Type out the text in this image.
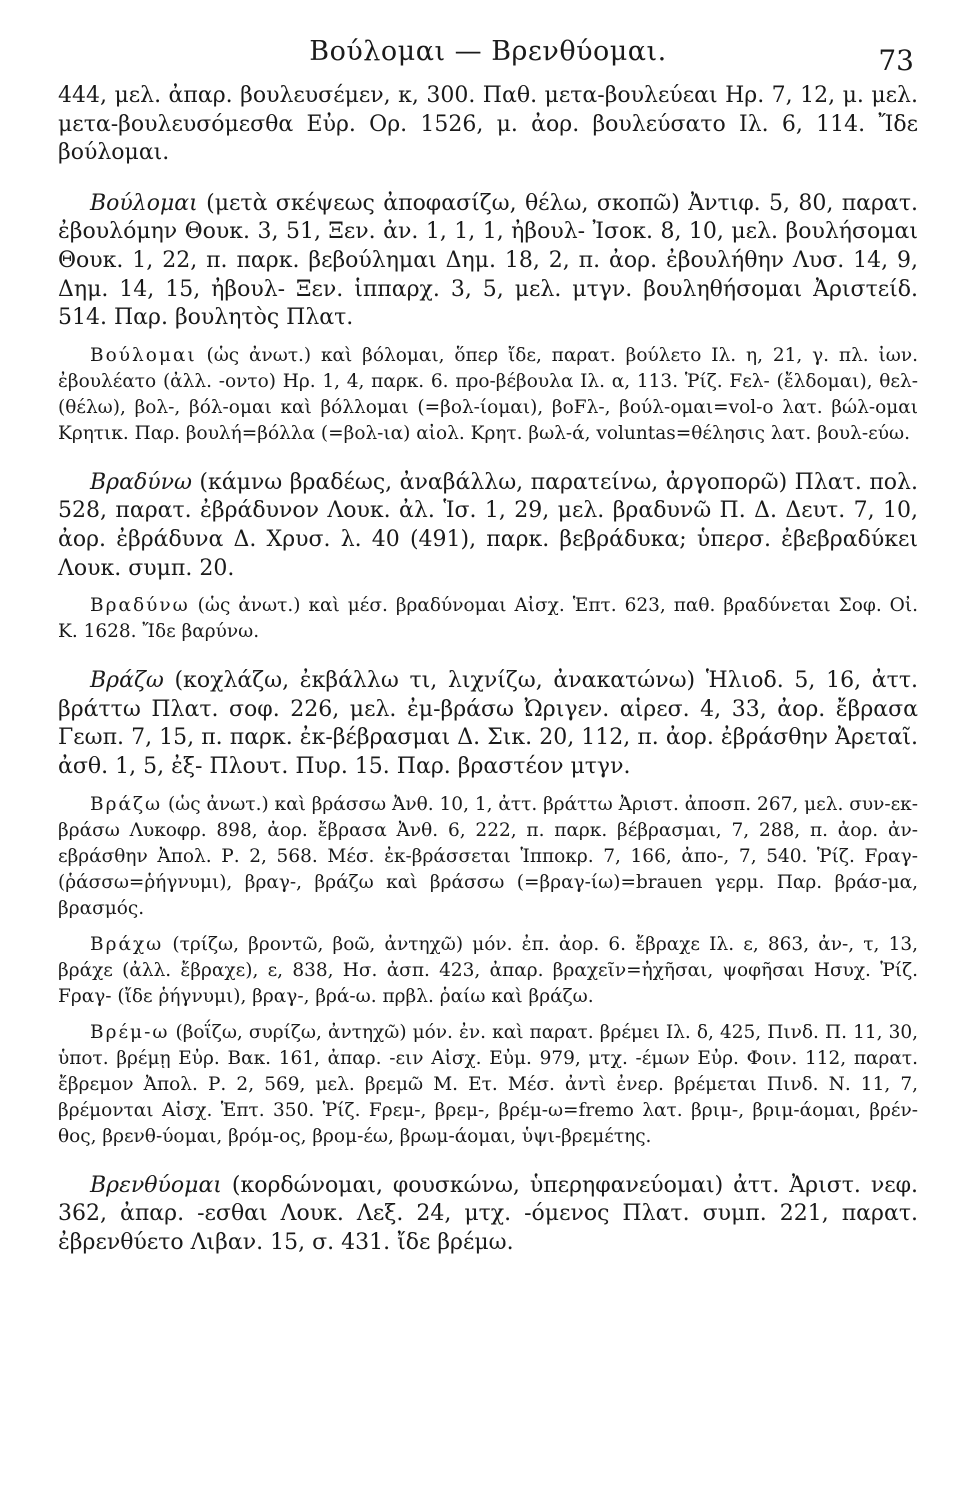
Βούλομαι — Βρενθύομαι.	73

444, μελ. ἀπαρ. βουλευσέμεν, κ, 300. Παθ. μετα-βουλεύεαι Ηρ. 7, 12, μ. μελ. μετα-βουλευσόμεσθα Εὐρ. Ορ. 1526, μ. ἀορ. βουλεύσατο Ιλ. 6, 114. Ἴδε βούλομαι.

Βούλομαι (μετὰ σκέψεως ἀποφασίζω, θέλω, σκοπῶ) Ἀντιφ. 5, 80, παρατ. ἐβουλόμην Θουκ. 3, 51, Ξεν. ἀν. 1, 1, 1, ἠβουλ- Ἰσοκ. 8, 10, μελ. βουλήσομαι Θουκ. 1, 22, π. παρκ. βεβούλημαι Δημ. 18, 2, π. ἀορ. ἐβουλήθην Λυσ. 14, 9, Δημ. 14, 15, ἠβουλ- Ξεν. ἱππαρχ. 3, 5, μελ. μτγν. βουληθήσομαι Ἀριστείδ. 514. Παρ. βουλητὸς Πλατ.

Βούλομαι (ὡς ἀνωτ.) καὶ βόλομαι, ὅπερ ἴδε, παρατ. βούλετο Ιλ. η, 21, γ. πλ. ἰων. ἐβουλέατο (ἀλλ. -οντο) Ηρ. 1, 4, παρκ. 6. προ-βέβουλα Ιλ. α, 113. Ῥίζ. Fελ- (ἔλδομαι), θελ- (θέλω), βολ-, βόλ-ομαι καὶ βόλλομαι (=βολ-ίομαι), βoFλ-, βούλ-ομαι=vol-o λατ. βώλ-ομαι Κρητικ. Παρ. βουλή=βόλλα (=βολ-ια) αἰολ. Κρητ. βωλ-ά, voluntas=θέλησις λατ. βουλ-εύω.

Βραδύνω (κάμνω βραδέως, ἀναβάλλω, παρατείνω, ἀργοπορῶ) Πλατ. πολ. 528, παρατ. ἐβράδυνον Λουκ. ἀλ. Ἱσ. 1, 29, μελ. βραδυνῶ Π. Δ. Δευτ. 7, 10, ἀορ. ἐβράδυνα Δ. Χρυσ. λ. 40 (491), παρκ. βεβράδυκα; ὑπερσ. ἐβεβραδύκει Λουκ. συμπ. 20.

Βραδύνω (ὡς ἀνωτ.) καὶ μέσ. βραδύνομαι Αἰσχ. Ἑπτ. 623, παθ. βραδύνεται Σοφ. Οἰ. Κ. 1628. Ἴδε βαρύνω.

Βράζω (κοχλάζω, ἐκβάλλω τι, λιχνίζω, ἀνακατώνω) Ἡλιοδ. 5, 16, ἀττ. βράττω Πλατ. σοφ. 226, μελ. ἐμ-βράσω Ὠριγεν. αἱρεσ. 4, 33, ἀορ. ἔβρασα Γεωπ. 7, 15, π. παρκ. ἐκ-βέβρασμαι Δ. Σικ. 20, 112, π. ἀορ. ἐβράσθην Ἀρεταῖ. ἀσθ. 1, 5, ἐξ- Πλουτ. Πυρ. 15. Παρ. βραστέον μτγν.

Βράζω (ὡς ἀνωτ.) καὶ βράσσω Ἀνθ. 10, 1, ἀττ. βράττω Ἀριστ. ἀποσπ. 267, μελ. συν-εκ-βράσω Λυκοφρ. 898, ἀορ. ἔβρασα Ἀνθ. 6, 222, π. παρκ. βέβρασμαι, 7, 288, π. ἀορ. ἀν-εβράσθην Ἀπολ. Ρ. 2, 568. Μέσ. ἐκ-βράσσεται Ἱπποκρ. 7, 166, ἀπο-, 7, 540. Ῥίζ. Fραγ- (ῥάσσω=ῥήγνυμι), βραγ-, βράζω καὶ βράσσω (=βραγ-ίω)=brauen γερμ. Παρ. βράσ-μα, βρασμός.

Βράχω (τρίζω, βροντῶ, βοῶ, ἀντηχῶ) μόν. ἐπ. ἀορ. 6. ἔβραχε Ιλ. ε, 863, ἀν-, τ, 13, βράχε (ἀλλ. ἔβραχε), ε, 838, Ησ. ἀσπ. 423, ἀπαρ. βραχεῖν=ἠχῆσαι, ψοφῆσαι Ησυχ. Ῥίζ. Fραγ- (ἴδε ῥήγνυμι), βραγ-, βρά-ω. πρβλ. ῥαίω καὶ βράζω.

Βρέμ-ω (βοΐζω, συρίζω, ἀντηχῶ) μόν. ἐν. καὶ παρατ. βρέμει Ιλ. δ, 425, Πινδ. Π. 11, 30, ὑποτ. βρέμῃ Εὐρ. Βακ. 161, ἀπαρ. -ειν Αἰσχ. Εὐμ. 979, μτχ. -έμων Εὐρ. Φοιν. 112, παρατ. ἔβρεμον Ἀπολ. Ρ. 2, 569, μελ. βρεμῶ Μ. Ετ. Μέσ. ἀντὶ ἐνερ. βρέμεται Πινδ. Ν. 11, 7, βρέμονται Αἰσχ. Ἑπτ. 350. Ῥίζ. Fρεμ-, βρεμ-, βρέμ-ω=fremo λατ. βριμ-, βριμ-άομαι, βρέν-θος, βρενθ-ύομαι, βρόμ-ος, βρομ-έω, βρωμ-άομαι, ὑψι-βρεμέτης.

Βρενθύομαι (κορδώνομαι, φουσκώνω, ὑπερηφανεύομαι) ἀττ. Ἀριστ. νεφ. 362, ἀπαρ. -εσθαι Λουκ. Λεξ. 24, μτχ. -όμενος Πλατ. συμπ. 221, παρατ. ἐβρενθύετο Λιβαν. 15, σ. 431. ἴδε βρέμω.
